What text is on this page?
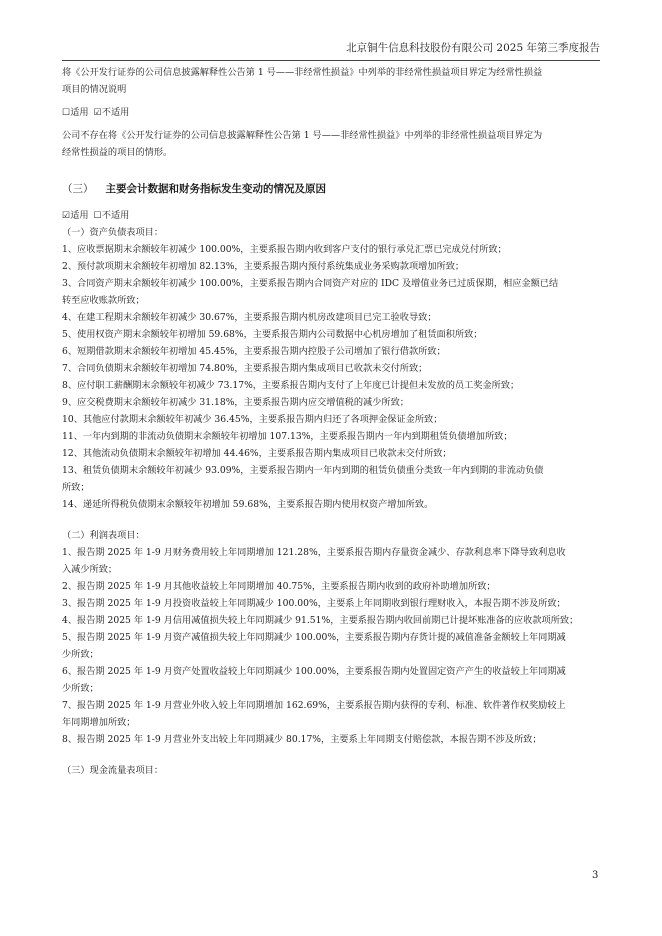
北京铜牛信息科技股份有限公司 2025 年第三季度报告

将《公开发行证券的公司信息披露解释性公告第 1 号——非经常性损益》中列举的非经常性损益项目界定为经常性损益

项目的情况说明

☐适用 ☑不适用

公司不存在将《公开发行证券的公司信息披露解释性公告第 1 号——非经常性损益》中列举的非经常性损益项目界定为

经常性损益的项目的情形。

（三） 主要会计数据和财务指标发生变动的情况及原因

☑适用 ☐不适用

（一）资产负债表项目：

1、应收票据期末余额较年初减少 100.00%，主要系报告期内收到客户支付的银行承兑汇票已完成兑付所致；

2、预付款项期末余额较年初增加 82.13%，主要系报告期内预付系统集成业务采购款项增加所致；

3、合同资产期末余额较年初减少 100.00%，主要系报告期内合同资产对应的 IDC 及增值业务已过质保期，相应金额已结

转至应收账款所致；

4、在建工程期末余额较年初减少 30.67%，主要系报告期内机房改建项目已完工验收导致；

5、使用权资产期末余额较年初增加 59.68%，主要系报告期内公司数据中心机房增加了租赁面积所致；

6、短期借款期末余额较年初增加 45.45%，主要系报告期内控股子公司增加了银行借款所致；

7、合同负债期末余额较年初增加 74.80%，主要系报告期内集成项目已收款未交付所致；

8、应付职工薪酬期末余额较年初减少 73.17%，主要系报告期内支付了上年度已计提但未发放的员工奖金所致；

9、应交税费期末余额较年初减少 31.18%，主要系报告期内应交增值税的减少所致；

10、其他应付款期末余额较年初减少 36.45%，主要系报告期内归还了各项押金保证金所致；

11、一年内到期的非流动负债期末余额较年初增加 107.13%，主要系报告期内一年内到期租赁负债增加所致；

12、其他流动负债期末余额较年初增加 44.46%，主要系报告期内集成项目已收款未交付所致；

13、租赁负债期末余额较年初减少 93.09%，主要系报告期内一年内到期的租赁负债重分类致一年内到期的非流动负债

所致；

14、递延所得税负债期末余额较年初增加 59.68%，主要系报告期内使用权资产增加所致。

（二）利润表项目：

1、报告期 2025 年 1-9 月财务费用较上年同期增加 121.28%，主要系报告期内存量资金减少、存款利息率下降导致利息收

入减少所致；

2、报告期 2025 年 1-9 月其他收益较上年同期增加 40.75%，主要系报告期内收到的政府补助增加所致；

3、报告期 2025 年 1-9 月投资收益较上年同期减少 100.00%，主要系上年同期收到银行理财收入，本报告期不涉及所致；

4、报告期 2025 年 1-9 月信用减值损失较上年同期减少 91.51%，主要系报告期内收回前期已计提坏账准备的应收款项所致；

5、报告期 2025 年 1-9 月资产减值损失较上年同期减少 100.00%，主要系报告期内存货计提的减值准备金额较上年同期减

少所致；

6、报告期 2025 年 1-9 月资产处置收益较上年同期减少 100.00%，主要系报告期内处置固定资产产生的收益较上年同期减

少所致；

7、报告期 2025 年 1-9 月营业外收入较上年同期增加 162.69%，主要系报告期内获得的专利、标准、软件著作权奖励较上

年同期增加所致；

8、报告期 2025 年 1-9 月营业外支出较上年同期减少 80.17%，主要系上年同期支付赔偿款，本报告期不涉及所致；

（三）现金流量表项目：

3
